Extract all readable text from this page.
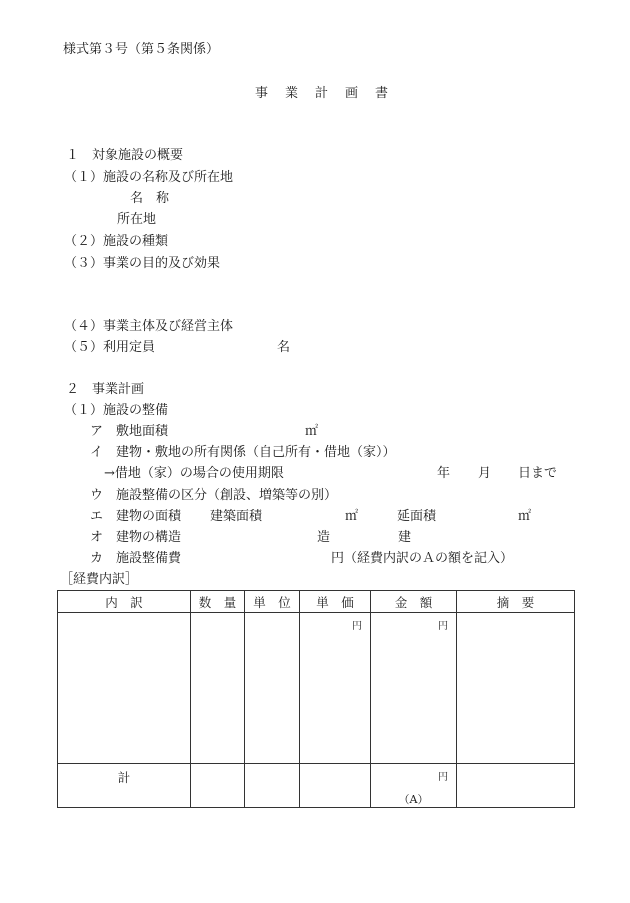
様式第３号（第５条関係）
事　業　計　画　書
１　対象施設の概要
（１）施設の名称及び所在地
名　称
所在地
（２）施設の種類
（３）事業の目的及び効果
（４）事業主体及び経営主体
（５）利用定員	名
２　事業計画
（１）施設の整備
ア　敷地面積	㎡
イ　建物・敷地の所有関係（自己所有・借地（家））
→借地（家）の場合の使用期限	年 月 日まで
ウ　施設整備の区分（創設、増築等の別）
エ　建物の面積 建築面積	㎡	延面積	㎡
オ　建物の構造	造	建
カ　施設整備費	円（経費内訳のＡの額を記入）
［経費内訳］
内　訳	数　量	単　位	単　価	金　額	摘　要

			円	円	

計				円
（A）	
